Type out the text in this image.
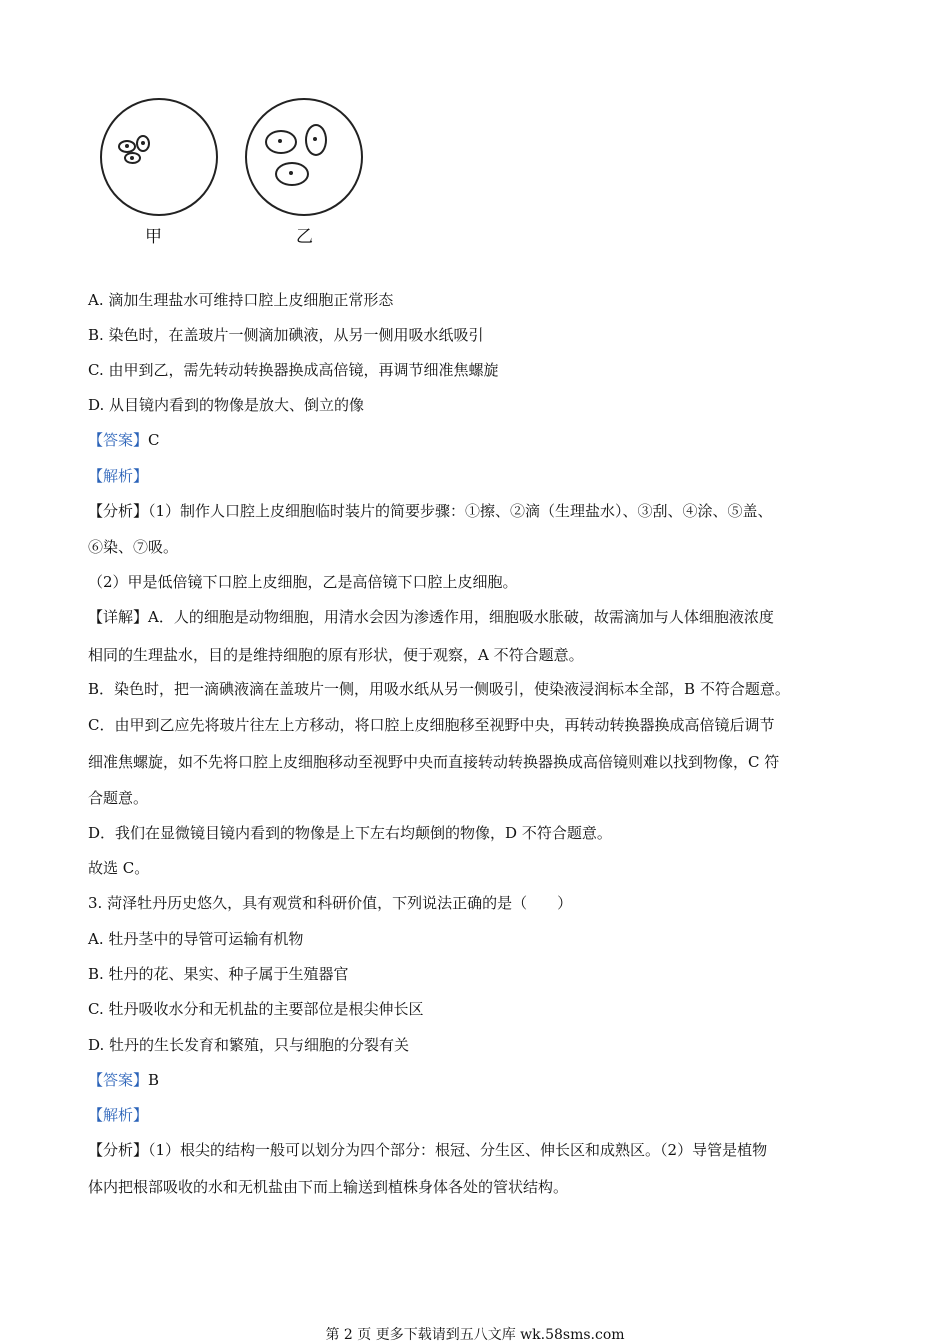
甲	乙
A. 滴加生理盐水可维持口腔上皮细胞正常形态
B. 染色时，在盖玻片一侧滴加碘液，从另一侧用吸水纸吸引
C. 由甲到乙，需先转动转换器换成高倍镜，再调节细准焦螺旋
D. 从目镜内看到的物像是放大、倒立的像
【答案】C
【解析】
【分析】（1）制作人口腔上皮细胞临时装片的简要步骤：①擦、②滴（生理盐水）、③刮、④涂、⑤盖、
⑥染、⑦吸。
（2）甲是低倍镜下口腔上皮细胞，乙是高倍镜下口腔上皮细胞。
【详解】A．人的细胞是动物细胞，用清水会因为渗透作用，细胞吸水胀破，故需滴加与人体细胞液浓度
相同的生理盐水，目的是维持细胞的原有形状，便于观察，A 不符合题意。
B．染色时，把一滴碘液滴在盖玻片一侧，用吸水纸从另一侧吸引，使染液浸润标本全部，B 不符合题意。
C．由甲到乙应先将玻片往左上方移动，将口腔上皮细胞移至视野中央，再转动转换器换成高倍镜后调节
细准焦螺旋，如不先将口腔上皮细胞移动至视野中央而直接转动转换器换成高倍镜则难以找到物像，C 符
合题意。
D．我们在显微镜目镜内看到的物像是上下左右均颠倒的物像，D 不符合题意。
故选 C。
3. 菏泽牡丹历史悠久，具有观赏和科研价值，下列说法正确的是（　　）
A. 牡丹茎中的导管可运输有机物
B. 牡丹的花、果实、种子属于生殖器官
C. 牡丹吸收水分和无机盐的主要部位是根尖伸长区
D. 牡丹的生长发育和繁殖，只与细胞的分裂有关
【答案】B
【解析】
【分析】（1）根尖的结构一般可以划分为四个部分：根冠、分生区、伸长区和成熟区。（2）导管是植物
体内把根部吸收的水和无机盐由下而上输送到植株身体各处的管状结构。
第 2 页 更多下载请到五八文库 wk.58sms.com
